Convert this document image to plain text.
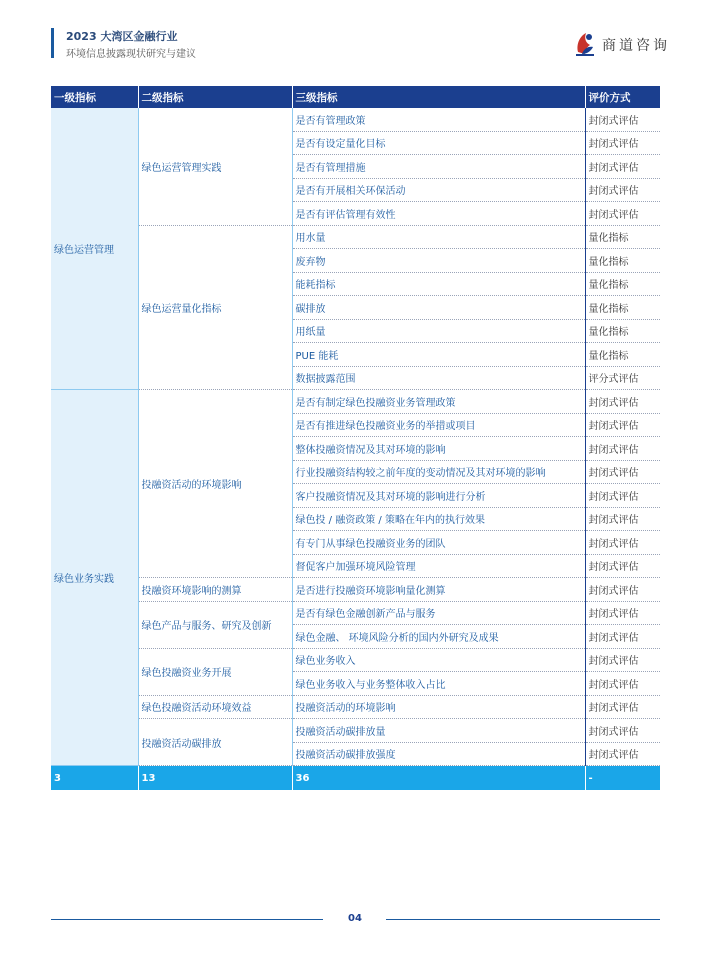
2023 大湾区金融行业
环境信息披露现状研究与建议
商道咨询
一级指标	二级指标	三级指标	评价方式
绿色运营管理	绿色运营管理实践	是否有管理政策	封闭式评估
		是否有设定量化目标	封闭式评估
		是否有管理措施	封闭式评估
		是否有开展相关环保活动	封闭式评估
		是否有评估管理有效性	封闭式评估
	绿色运营量化指标	用水量	量化指标
		废弃物	量化指标
		能耗指标	量化指标
		碳排放	量化指标
		用纸量	量化指标
		PUE 能耗	量化指标
		数据披露范围	评分式评估
绿色业务实践	投融资活动的环境影响	是否有制定绿色投融资业务管理政策	封闭式评估
		是否有推进绿色投融资业务的举措或项目	封闭式评估
		整体投融资情况及其对环境的影响	封闭式评估
		行业投融资结构较之前年度的变动情况及其对环境的影响	封闭式评估
		客户投融资情况及其对环境的影响进行分析	封闭式评估
		绿色投 / 融资政策 / 策略在年内的执行效果	封闭式评估
		有专门从事绿色投融资业务的团队	封闭式评估
		督促客户加强环境风险管理	封闭式评估
	投融资环境影响的测算	是否进行投融资环境影响量化测算	封闭式评估
	绿色产品与服务、研究及创新	是否有绿色金融创新产品与服务	封闭式评估
		绿色金融、 环境风险分析的国内外研究及成果	封闭式评估
	绿色投融资业务开展	绿色业务收入	封闭式评估
		绿色业务收入与业务整体收入占比	封闭式评估
	绿色投融资活动环境效益	投融资活动的环境影响	封闭式评估
	投融资活动碳排放	投融资活动碳排放量	封闭式评估
		投融资活动碳排放强度	封闭式评估
3	13	36	-
04
